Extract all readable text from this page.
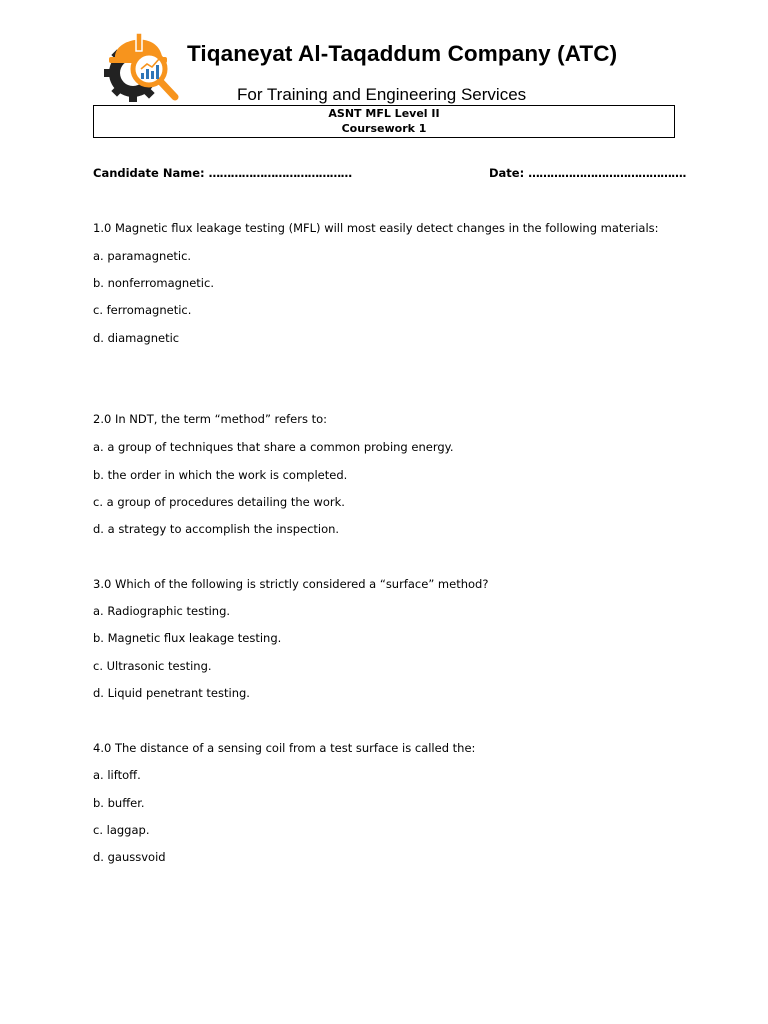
Tiqaneyat Al-Taqaddum Company (ATC)
For Training and Engineering Services
ASNT MFL Level II
Coursework 1
Candidate Name: …………………………………	Date: …………………………………….
1.0 Magnetic flux leakage testing (MFL) will most easily detect changes in the following materials:
a. paramagnetic.
b. nonferromagnetic.
c. ferromagnetic.
d. diamagnetic
2.0 In NDT, the term “method” refers to:
a. a group of techniques that share a common probing energy.
b. the order in which the work is completed.
c. a group of procedures detailing the work.
d. a strategy to accomplish the inspection.
3.0 Which of the following is strictly considered a “surface” method?
a. Radiographic testing.
b. Magnetic flux leakage testing.
c. Ultrasonic testing.
d. Liquid penetrant testing.
4.0 The distance of a sensing coil from a test surface is called the:
a. liftoff.
b. buffer.
c. laggap.
d. gaussvoid
